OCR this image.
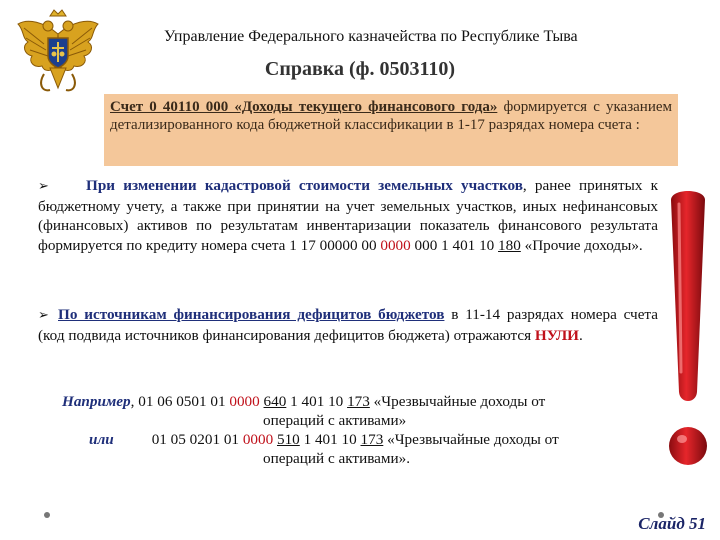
Управление Федерального казначейства по Республике Тыва
Справка (ф. 0503110)
Счет 0 40110 000 «Доходы текущего финансового года» формируется с указанием детализированного кода бюджетной классификации в 1-17 разрядах номера счета :
➢ При изменении кадастровой стоимости земельных участков, ранее принятых к бюджетному учету, а также при принятии на учет земельных участков, иных нефинансовых (финансовых) активов по результатам инвентаризации показатель финансового результата формируется по кредиту номера счета 1 17 00000 00 0000 000 1 401 10 180 «Прочие доходы».
➢ По источникам финансирования дефицитов бюджетов в 11-14 разрядах номера счета (код подвида источников финансирования дефицитов бюджета) отражаются НУЛИ.
Например, 01 06 0501 01 0000 640 1 401 10 173 «Чрезвычайные доходы от
операций с активами»
или	01 05 0201 01 0000 510 1 401 10 173 «Чрезвычайные доходы от
операций с активами».
Слайд 51
